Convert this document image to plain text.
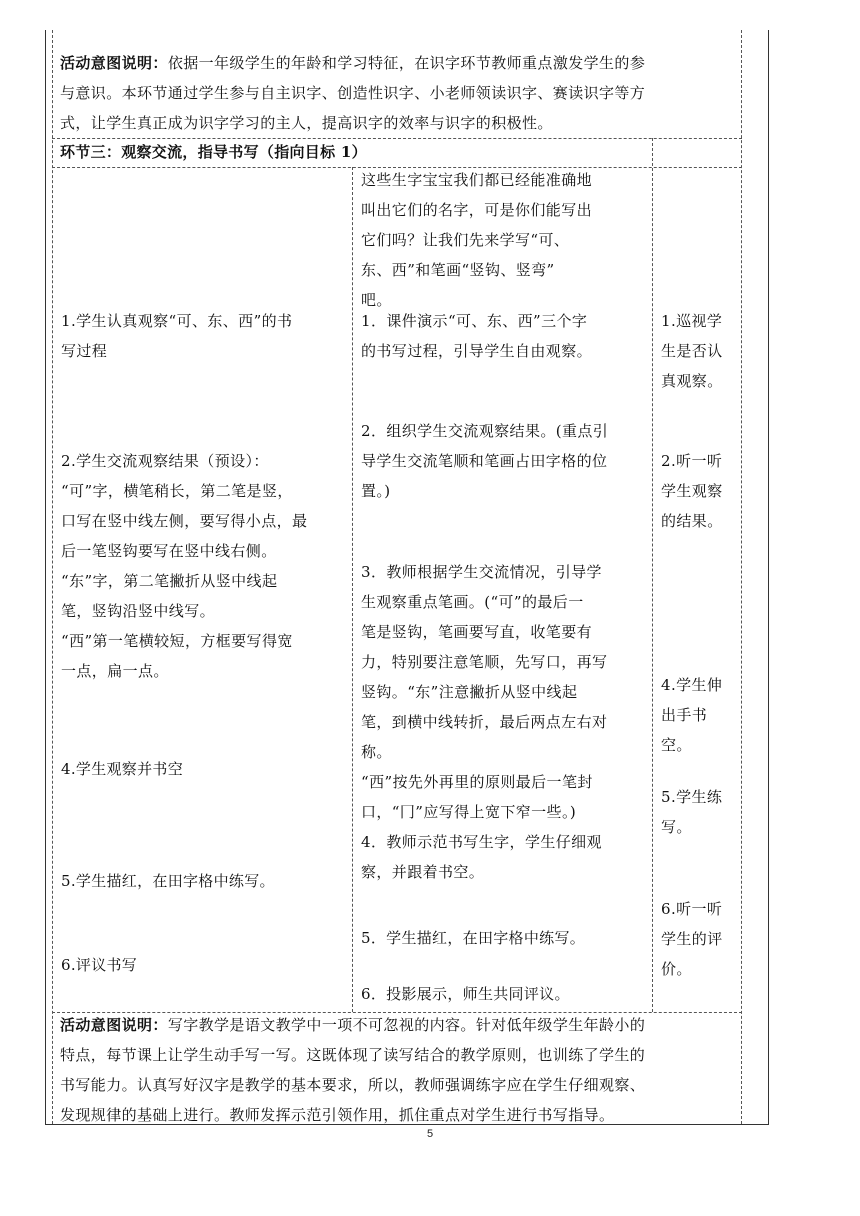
活动意图说明：依据一年级学生的年龄和学习特征，在识字环节教师重点激发学生的参
与意识。本环节通过学生参与自主识字、创造性识字、小老师领读识字、赛读识字等方
式，让学生真正成为识字学习的主人，提高识字的效率与识字的积极性。
环节三：观察交流，指导书写（指向目标 1）
1.学生认真观察“可、东、西”的书
写过程
2.学生交流观察结果（预设）：
“可”字，横笔稍长，第二笔是竖，
口写在竖中线左侧，要写得小点，最
后一笔竖钩要写在竖中线右侧。
“东”字，第二笔撇折从竖中线起
笔，竖钩沿竖中线写。
“西”第一笔横较短，方框要写得宽
一点，扁一点。
4.学生观察并书空
5.学生描红，在田字格中练写。
6.评议书写
这些生字宝宝我们都已经能准确地
叫出它们的名字，可是你们能写出
它们吗？让我们先来学写“可、
东、西”和笔画“竖钩、竖弯”
吧。
1．课件演示“可、东、西”三个字
的书写过程，引导学生自由观察。
2．组织学生交流观察结果。(重点引
导学生交流笔顺和笔画占田字格的位
置。)
3．教师根据学生交流情况，引导学
生观察重点笔画。(“可”的最后一
笔是竖钩，笔画要写直，收笔要有
力，特别要注意笔顺，先写口，再写
竖钩。“东”注意撇折从竖中线起
笔，到横中线转折，最后两点左右对
称。
“西”按先外再里的原则最后一笔封
口，“冂”应写得上宽下窄一些。)
4．教师示范书写生字，学生仔细观
察，并跟着书空。
5．学生描红，在田字格中练写。
6．投影展示，师生共同评议。
1.巡视学
生是否认
真观察。
2.听一听
学生观察
的结果。
4.学生伸
出手书
空。
5.学生练
写。
6.听一听
学生的评
价。
活动意图说明：写字教学是语文教学中一项不可忽视的内容。针对低年级学生年龄小的
特点，每节课上让学生动手写一写。这既体现了读写结合的教学原则，也训练了学生的
书写能力。认真写好汉字是教学的基本要求，所以，教师强调练字应在学生仔细观察、
发现规律的基础上进行。教师发挥示范引领作用，抓住重点对学生进行书写指导。
5
